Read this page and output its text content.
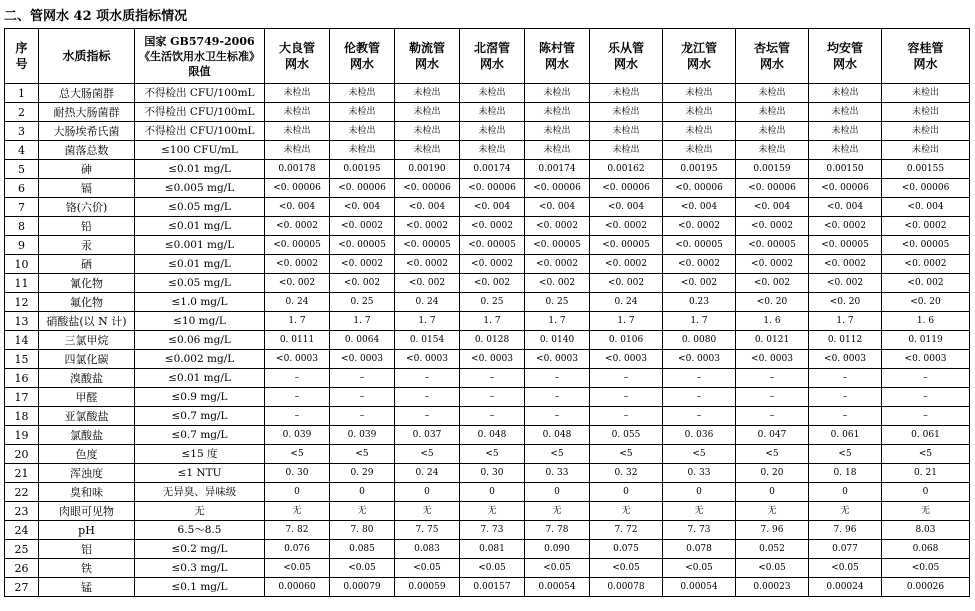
二、管网水 42 项水质指标情况
序号	水质指标	国家 GB5749-2006《生活饮用水卫生标准》限值	大良管网水	伦教管网水	勒流管网水	北滘管网水	陈村管网水	乐从管网水	龙江管网水	杏坛管网水	均安管网水	容桂管网水
1	总大肠菌群	不得检出 CFU/100mL	未检出	未检出	未检出	未检出	未检出	未检出	未检出	未检出	未检出	未检出
2	耐热大肠菌群	不得检出 CFU/100mL	未检出	未检出	未检出	未检出	未检出	未检出	未检出	未检出	未检出	未检出
3	大肠埃希氏菌	不得检出 CFU/100mL	未检出	未检出	未检出	未检出	未检出	未检出	未检出	未检出	未检出	未检出
4	菌落总数	≤100 CFU/mL	未检出	未检出	未检出	未检出	未检出	未检出	未检出	未检出	未检出	未检出
5	砷	≤0.01 mg/L	0.00178	0.00195	0.00190	0.00174	0.00174	0.00162	0.00195	0.00159	0.00150	0.00155
6	镉	≤0.005 mg/L	<0. 00006	<0. 00006	<0. 00006	<0. 00006	<0. 00006	<0. 00006	<0. 00006	<0. 00006	<0. 00006	<0. 00006
7	铬(六价)	≤0.05 mg/L	<0. 004	<0. 004	<0. 004	<0. 004	<0. 004	<0. 004	<0. 004	<0. 004	<0. 004	<0. 004
8	铅	≤0.01 mg/L	<0. 0002	<0. 0002	<0. 0002	<0. 0002	<0. 0002	<0. 0002	<0. 0002	<0. 0002	<0. 0002	<0. 0002
9	汞	≤0.001 mg/L	<0. 00005	<0. 00005	<0. 00005	<0. 00005	<0. 00005	<0. 00005	<0. 00005	<0. 00005	<0. 00005	<0. 00005
10	硒	≤0.01 mg/L	<0. 0002	<0. 0002	<0. 0002	<0. 0002	<0. 0002	<0. 0002	<0. 0002	<0. 0002	<0. 0002	<0. 0002
11	氰化物	≤0.05 mg/L	<0. 002	<0. 002	<0. 002	<0. 002	<0. 002	<0. 002	<0. 002	<0. 002	<0. 002	<0. 002
12	氟化物	≤1.0 mg/L	0. 24	0. 25	0. 24	0. 25	0. 25	0. 24	0.23	<0. 20	<0. 20	<0. 20
13	硝酸盐(以 N 计)	≤10 mg/L	1. 7	1. 7	1. 7	1. 7	1. 7	1. 7	1. 7	1. 6	1. 7	1. 6
14	三氯甲烷	≤0.06 mg/L	0. 0111	0. 0064	0. 0154	0. 0128	0. 0140	0. 0106	0. 0080	0. 0121	0. 0112	0. 0119
15	四氯化碳	≤0.002 mg/L	<0. 0003	<0. 0003	<0. 0003	<0. 0003	<0. 0003	<0. 0003	<0. 0003	<0. 0003	<0. 0003	<0. 0003
16	溴酸盐	≤0.01 mg/L	–	–	–	–	–	–	–	–	–	–
17	甲醛	≤0.9 mg/L	–	–	–	–	–	–	–	–	–	–
18	亚氯酸盐	≤0.7 mg/L	–	–	–	–	–	–	–	–	–	–
19	氯酸盐	≤0.7 mg/L	0. 039	0. 039	0. 037	0. 048	0. 048	0. 055	0. 036	0. 047	0. 061	0. 061
20	色度	≤15 度	<5	<5	<5	<5	<5	<5	<5	<5	<5	<5
21	浑浊度	≤1 NTU	0. 30	0. 29	0. 24	0. 30	0. 33	0. 32	0. 33	0. 20	0. 18	0. 21
22	臭和味	无异臭、异味级	0	0	0	0	0	0	0	0	0	0
23	肉眼可见物	无	无	无	无	无	无	无	无	无	无	无
24	pH	6.5～8.5	7. 82	7. 80	7. 75	7. 73	7. 78	7. 72	7. 73	7. 96	7. 96	8.03
25	铝	≤0.2 mg/L	0.076	0.085	0.083	0.081	0.090	0.075	0.078	0.052	0.077	0.068
26	铁	≤0.3 mg/L	<0.05	<0.05	<0.05	<0.05	<0.05	<0.05	<0.05	<0.05	<0.05	<0.05
27	锰	≤0.1 mg/L	0.00060	0.00079	0.00059	0.00157	0.00054	0.00078	0.00054	0.00023	0.00024	0.00026
